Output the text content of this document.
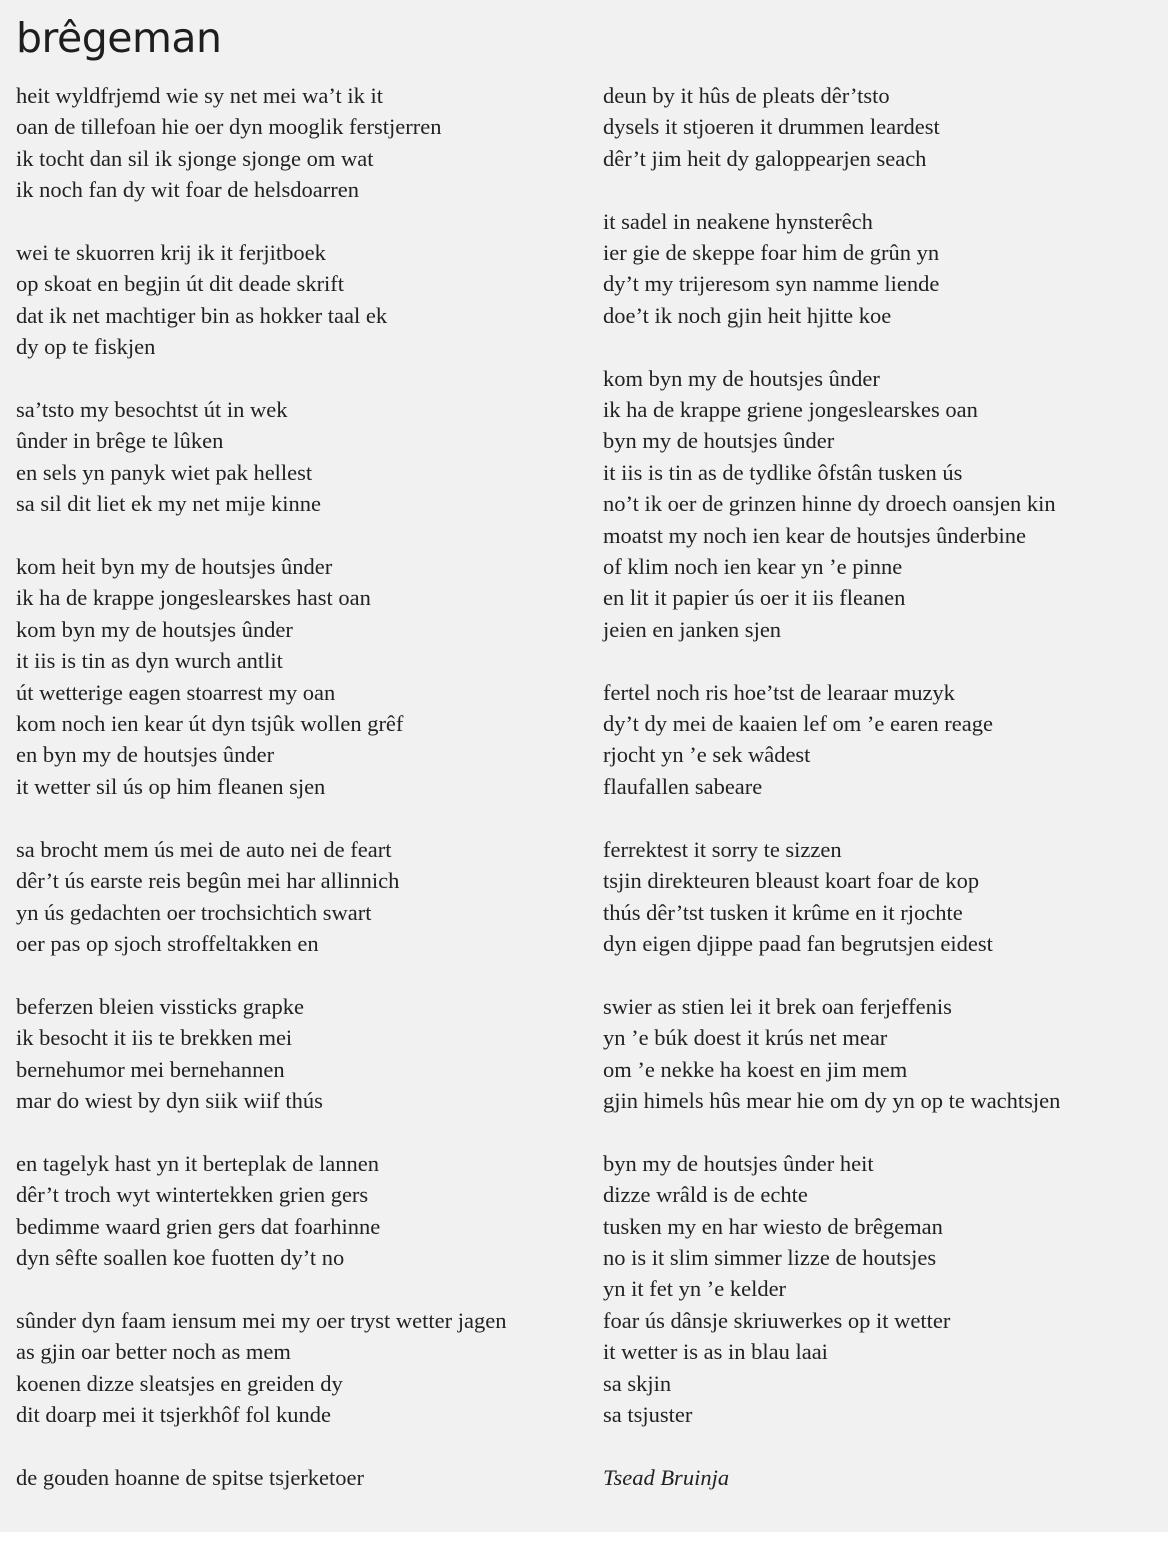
brêgeman
heit wyldfrjemd wie sy net mei wa’t ik it
oan de tillefoan hie oer dyn mooglik ferstjerren
ik tocht dan sil ik sjonge sjonge om wat
ik noch fan dy wit foar de helsdoarren
wei te skuorren krij ik it ferjitboek
op skoat en begjin út dit deade skrift
dat ik net machtiger bin as hokker taal ek
dy op te fiskjen
sa’tsto my besochtst út in wek
ûnder in brêge te lûken
en sels yn panyk wiet pak hellest
sa sil dit liet ek my net mije kinne
kom heit byn my de houtsjes ûnder
ik ha de krappe jongeslearskes hast oan
kom byn my de houtsjes ûnder
it iis is tin as dyn wurch antlit
út wetterige eagen stoarrest my oan
kom noch ien kear út dyn tsjûk wollen grêf
en byn my de houtsjes ûnder
it wetter sil ús op him fleanen sjen
sa brocht mem ús mei de auto nei de feart
dêr’t ús earste reis begûn mei har allinnich
yn ús gedachten oer trochsichtich swart
oer pas op sjoch stroffeltakken en
beferzen bleien vissticks grapke
ik besocht it iis te brekken mei
bernehumor mei bernehannen
mar do wiest by dyn siik wiif thús
en tagelyk hast yn it berteplak de lannen
dêr’t troch wyt wintertekken grien gers
bedimme waard grien gers dat foarhinne
dyn sêfte soallen koe fuotten dy’t no
sûnder dyn faam iensum mei my oer tryst wetter jagen
as gjin oar better noch as mem
koenen dizze sleatsjes en greiden dy
dit doarp mei it tsjerkhôf fol kunde
de gouden hoanne de spitse tsjerketoer
deun by it hûs de pleats dêr’tsto
dysels it stjoeren it drummen leardest
dêr’t jim heit dy galoppearjen seach
it sadel in neakene hynsterêch
ier gie de skeppe foar him de grûn yn
dy’t my trijeresom syn namme liende
doe’t ik noch gjin heit hjitte koe
kom byn my de houtsjes ûnder
ik ha de krappe griene jongeslearskes oan
byn my de houtsjes ûnder
it iis is tin as de tydlike ôfstân tusken ús
no’t ik oer de grinzen hinne dy droech oansjen kin
moatst my noch ien kear de houtsjes ûnderbine
of klim noch ien kear yn ’e pinne
en lit it papier ús oer it iis fleanen
jeien en janken sjen
fertel noch ris hoe’tst de learaar muzyk
dy’t dy mei de kaaien lef om ’e earen reage
rjocht yn ’e sek wâdest
flaufallen sabeare
ferrektest it sorry te sizzen
tsjin direkteuren bleaust koart foar de kop
thús dêr’tst tusken it krûme en it rjochte
dyn eigen djippe paad fan begrutsjen eidest
swier as stien lei it brek oan ferjeffenis
yn ’e búk doest it krús net mear
om ’e nekke ha koest en jim mem
gjin himels hûs mear hie om dy yn op te wachtsjen
byn my de houtsjes ûnder heit
dizze wrâld is de echte
tusken my en har wiesto de brêgeman
no is it slim simmer lizze de houtsjes
yn it fet yn ’e kelder
foar ús dânsje skriuwerkes op it wetter
it wetter is as in blau laai
sa skjin
sa tsjuster
Tsead Bruinja
